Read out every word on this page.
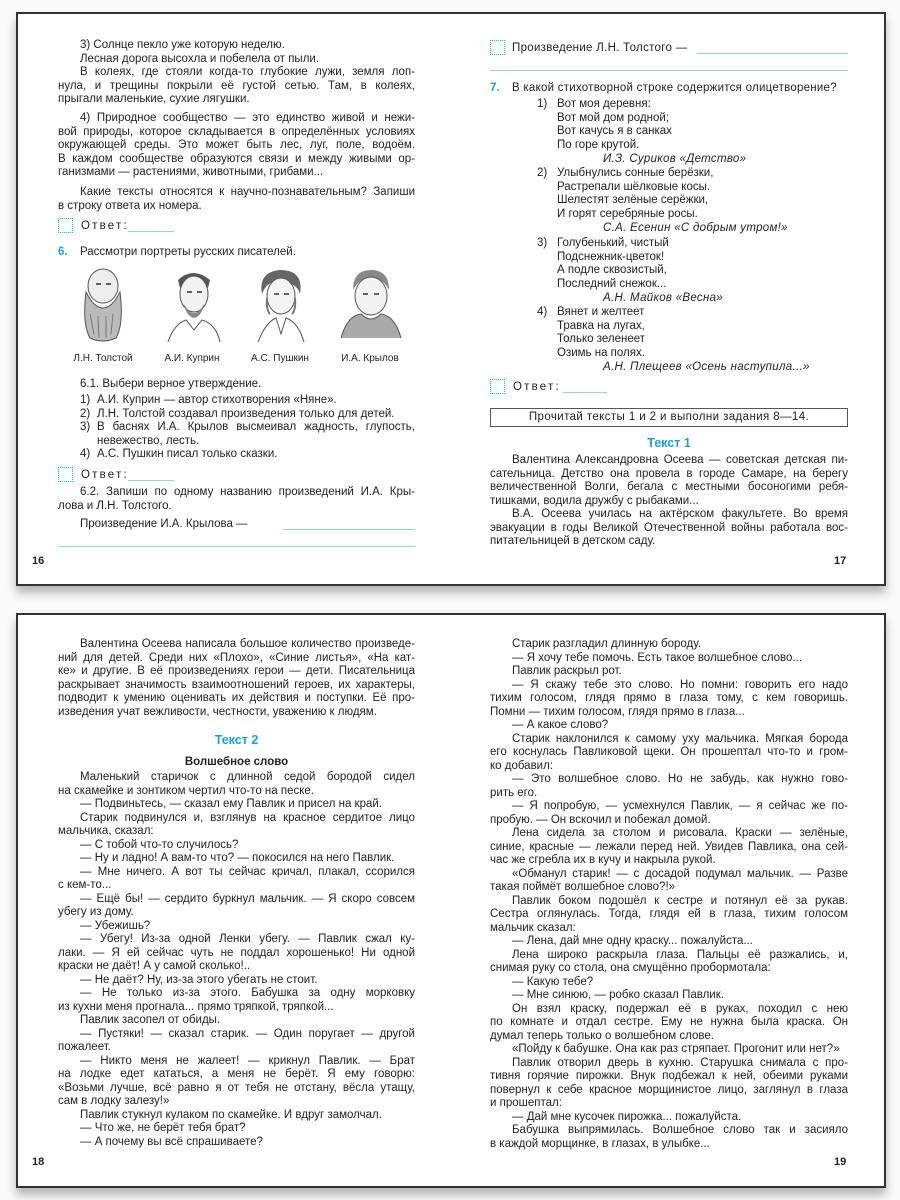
3) Солнце пекло уже которую неделю.
Лесная дорога высохла и побелела от пыли.
В колеях, где стояли когда-то глубокие лужи, земля лоп-
нула, и трещины покрыли её густой сетью. Там, в колеях,
прыгали маленькие, сухие лягушки.
4) Природное сообщество — это единство живой и нежи-
вой природы, которое складывается в определённых условиях
окружающей среды. Это может быть лес, луг, поле, водоём.
В каждом сообществе образуются связи и между живыми ор-
ганизмами — растениями, животными, грибами...
Какие тексты относятся к научно-познавательным? Запиши
в строку ответа их номера.
Ответ:
6. Рассмотри портреты русских писателей.
Л.Н. Толстой	А.И. Куприн	А.С. Пушкин	И.А. Крылов
6.1. Выбери верное утверждение.
1) А.И. Куприн — автор стихотворения «Няне».
2) Л.Н. Толстой создавал произведения только для детей.
3) В баснях И.А. Крылов высмеивал жадность, глупость,
невежество, лесть.
4) А.С. Пушкин писал только сказки.
Ответ:
6.2. Запиши по одному названию произведений И.А. Кры-
лова и Л.Н. Толстого.
Произведение И.А. Крылова —
16
Произведение Л.Н. Толстого —
7. В какой стихотворной строке содержится олицетворение?
1) Вот моя деревня:
Вот мой дом родной;
Вот качусь я в санках
По горе крутой.
И.З. Суриков «Детство»
2) Улыбнулись сонные берёзки,
Растрепали шёлковые косы.
Шелестят зелёные серёжки,
И горят серебряные росы.
С.А. Есенин «С добрым утром!»
3) Голубенький, чистый
Подснежник-цветок!
А подле сквозистый,
Последний снежок...
А.Н. Майков «Весна»
4) Вянет и желтеет
Травка на лугах,
Только зеленеет
Озимь на полях.
А.Н. Плещеев «Осень наступила...»
Ответ:
Прочитай тексты 1 и 2 и выполни задания 8—14.
Текст 1
Валентина Александровна Осеева — советская детская пи-
сательница. Детство она провела в городе Самаре, на берегу
величественной Волги, бегала с местными босоногими ребя-
тишками, водила дружбу с рыбаками...
В.А. Осеева училась на актёрском факультете. Во время
эвакуации в годы Великой Отечественной войны работала вос-
питательницей в детском саду.
17
Валентина Осеева написала большое количество произведе-
ний для детей. Среди них «Плохо», «Синие листья», «На кат-
ке» и другие. В её произведениях герои — дети. Писательница
раскрывает значимость взаимоотношений героев, их характеры,
подводит к умению оценивать их действия и поступки. Её про-
изведения учат вежливости, честности, уважению к людям.
Текст 2
Волшебное слово
Маленький старичок с длинной седой бородой сидел
на скамейке и зонтиком чертил что-то на песке.
— Подвиньтесь, — сказал ему Павлик и присел на край.
Старик подвинулся и, взглянув на красное сердитое лицо
мальчика, сказал:
— С тобой что-то случилось?
— Ну и ладно! А вам-то что? — покосился на него Павлик.
— Мне ничего. А вот ты сейчас кричал, плакал, ссорился
с кем-то...
— Ещё бы! — сердито буркнул мальчик. — Я скоро совсем
убегу из дому.
— Убежишь?
— Убегу! Из-за одной Ленки убегу. — Павлик сжал ку-
лаки. — Я ей сейчас чуть не поддал хорошенько! Ни одной
краски не даёт! А у самой сколько!..
— Не даёт? Ну, из-за этого убегать не стоит.
— Не только из-за этого. Бабушка за одну морковку
из кухни меня прогнала... прямо тряпкой, тряпкой...
Павлик засопел от обиды.
— Пустяки! — сказал старик. — Один поругает — другой
пожалеет.
— Никто меня не жалеет! — крикнул Павлик. — Брат
на лодке едет кататься, а меня не берёт. Я ему говорю:
«Возьми лучше, всё равно я от тебя не отстану, вёсла утащу,
сам в лодку залезу!»
Павлик стукнул кулаком по скамейке. И вдруг замолчал.
— Что же, не берёт тебя брат?
— А почему вы всё спрашиваете?
18
Старик разгладил длинную бороду.
— Я хочу тебе помочь. Есть такое волшебное слово...
Павлик раскрыл рот.
— Я скажу тебе это слово. Но помни: говорить его надо
тихим голосом, глядя прямо в глаза тому, с кем говоришь.
Помни — тихим голосом, глядя прямо в глаза...
— А какое слово?
Старик наклонился к самому уху мальчика. Мягкая борода
его коснулась Павликовой щеки. Он прошептал что-то и гром-
ко добавил:
— Это волшебное слово. Но не забудь, как нужно гово-
рить его.
— Я попробую, — усмехнулся Павлик, — я сейчас же по-
пробую. — Он вскочил и побежал домой.
Лена сидела за столом и рисовала. Краски — зелёные,
синие, красные — лежали перед ней. Увидев Павлика, она сей-
час же сгребла их в кучу и накрыла рукой.
«Обманул старик! — с досадой подумал мальчик. — Разве
такая поймёт волшебное слово?!»
Павлик боком подошёл к сестре и потянул её за рукав.
Сестра оглянулась. Тогда, глядя ей в глаза, тихим голосом
мальчик сказал:
— Лена, дай мне одну краску... пожалуйста...
Лена широко раскрыла глаза. Пальцы её разжались, и,
снимая руку со стола, она смущённо пробормотала:
— Какую тебе?
— Мне синюю, — робко сказал Павлик.
Он взял краску, подержал её в руках, походил с нею
по комнате и отдал сестре. Ему не нужна была краска. Он
думал теперь только о волшебном слове.
«Пойду к бабушке. Она как раз стряпает. Прогонит или нет?»
Павлик отворил дверь в кухню. Старушка снимала с про-
тивня горячие пирожки. Внук подбежал к ней, обеими руками
повернул к себе красное морщинистое лицо, заглянул в глаза
и прошептал:
— Дай мне кусочек пирожка... пожалуйста.
Бабушка выпрямилась. Волшебное слово так и засияло
в каждой морщинке, в глазах, в улыбке...
19
